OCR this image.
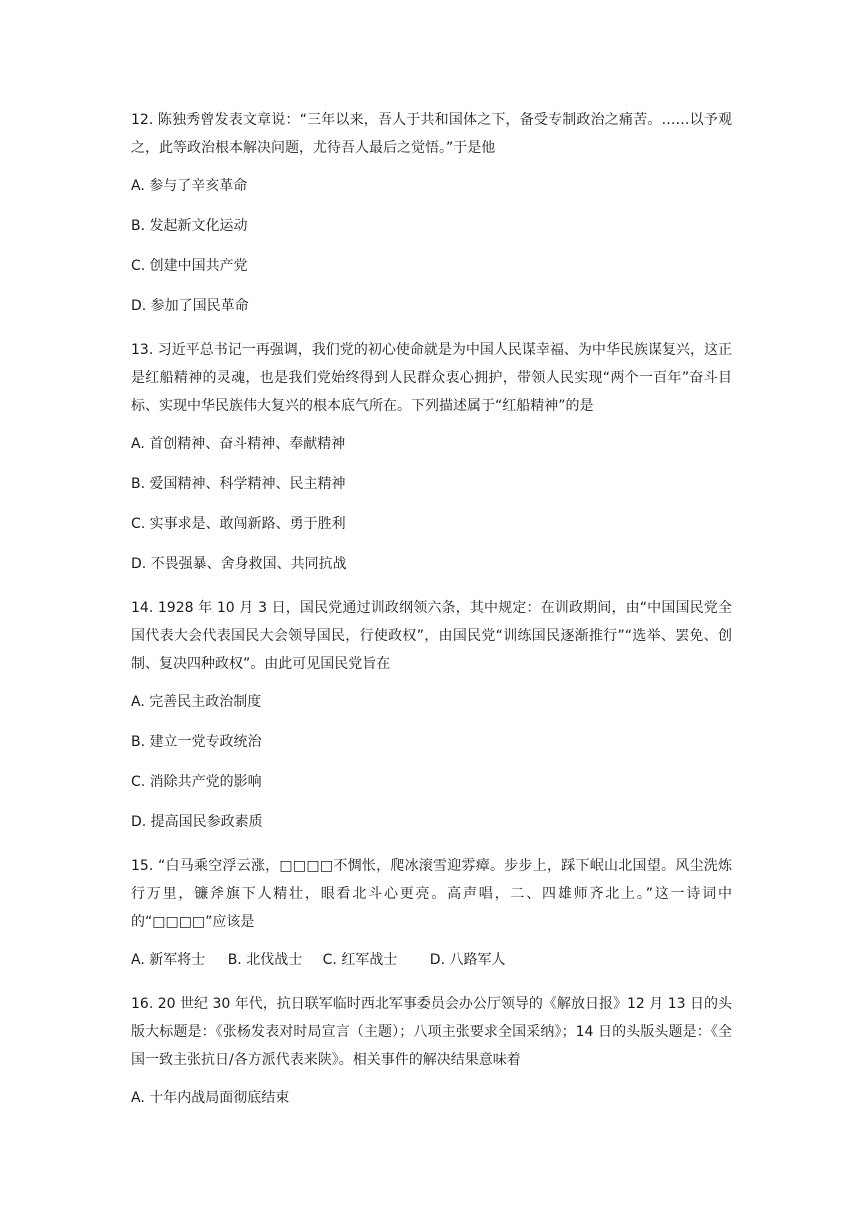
12. 陈独秀曾发表文章说：“三年以来，吾人于共和国体之下，备受专制政治之痛苦。……以予观之，此等政治根本解决问题，尤待吾人最后之觉悟。”于是他

A. 参与了辛亥革命

B. 发起新文化运动

C. 创建中国共产党

D. 参加了国民革命

13. 习近平总书记一再强调，我们党的初心使命就是为中国人民谋幸福、为中华民族谋复兴，这正是红船精神的灵魂，也是我们党始终得到人民群众衷心拥护，带领人民实现“两个一百年”奋斗目标、实现中华民族伟大复兴的根本底气所在。下列描述属于“红船精神”的是

A. 首创精神、奋斗精神、奉献精神

B. 爱国精神、科学精神、民主精神

C. 实事求是、敢闯新路、勇于胜利

D. 不畏强暴、舍身救国、共同抗战

14. 1928 年 10 月 3 日，国民党通过训政纲领六条，其中规定：在训政期间，由“中国国民党全国代表大会代表国民大会领导国民，行使政权”，由国民党“训练国民逐渐推行”“选举、罢免、创制、复决四种政权”。由此可见国民党旨在

A. 完善民主政治制度

B. 建立一党专政统治

C. 消除共产党的影响

D. 提高国民参政素质

15. “白马乘空浮云涨，□□□□不惆怅，爬冰滚雪迎雰瘴。步步上，踩下岷山北国望。风尘洗炼行万里，镰斧旗下人精壮，眼看北斗心更亮。高声唱，二、四雄师齐北上。”这一诗词中的“□□□□”应该是

A. 新军将士 B. 北伐战士 C. 红军战士 D. 八路军人

16. 20 世纪 30 年代，抗日联军临时西北军事委员会办公厅领导的《解放日报》12 月 13 日的头版大标题是：《张杨发表对时局宣言（主题）；八项主张要求全国采纳》；14 日的头版头题是：《全国一致主张抗日/各方派代表来陕》。相关事件的解决结果意味着

A. 十年内战局面彻底结束
